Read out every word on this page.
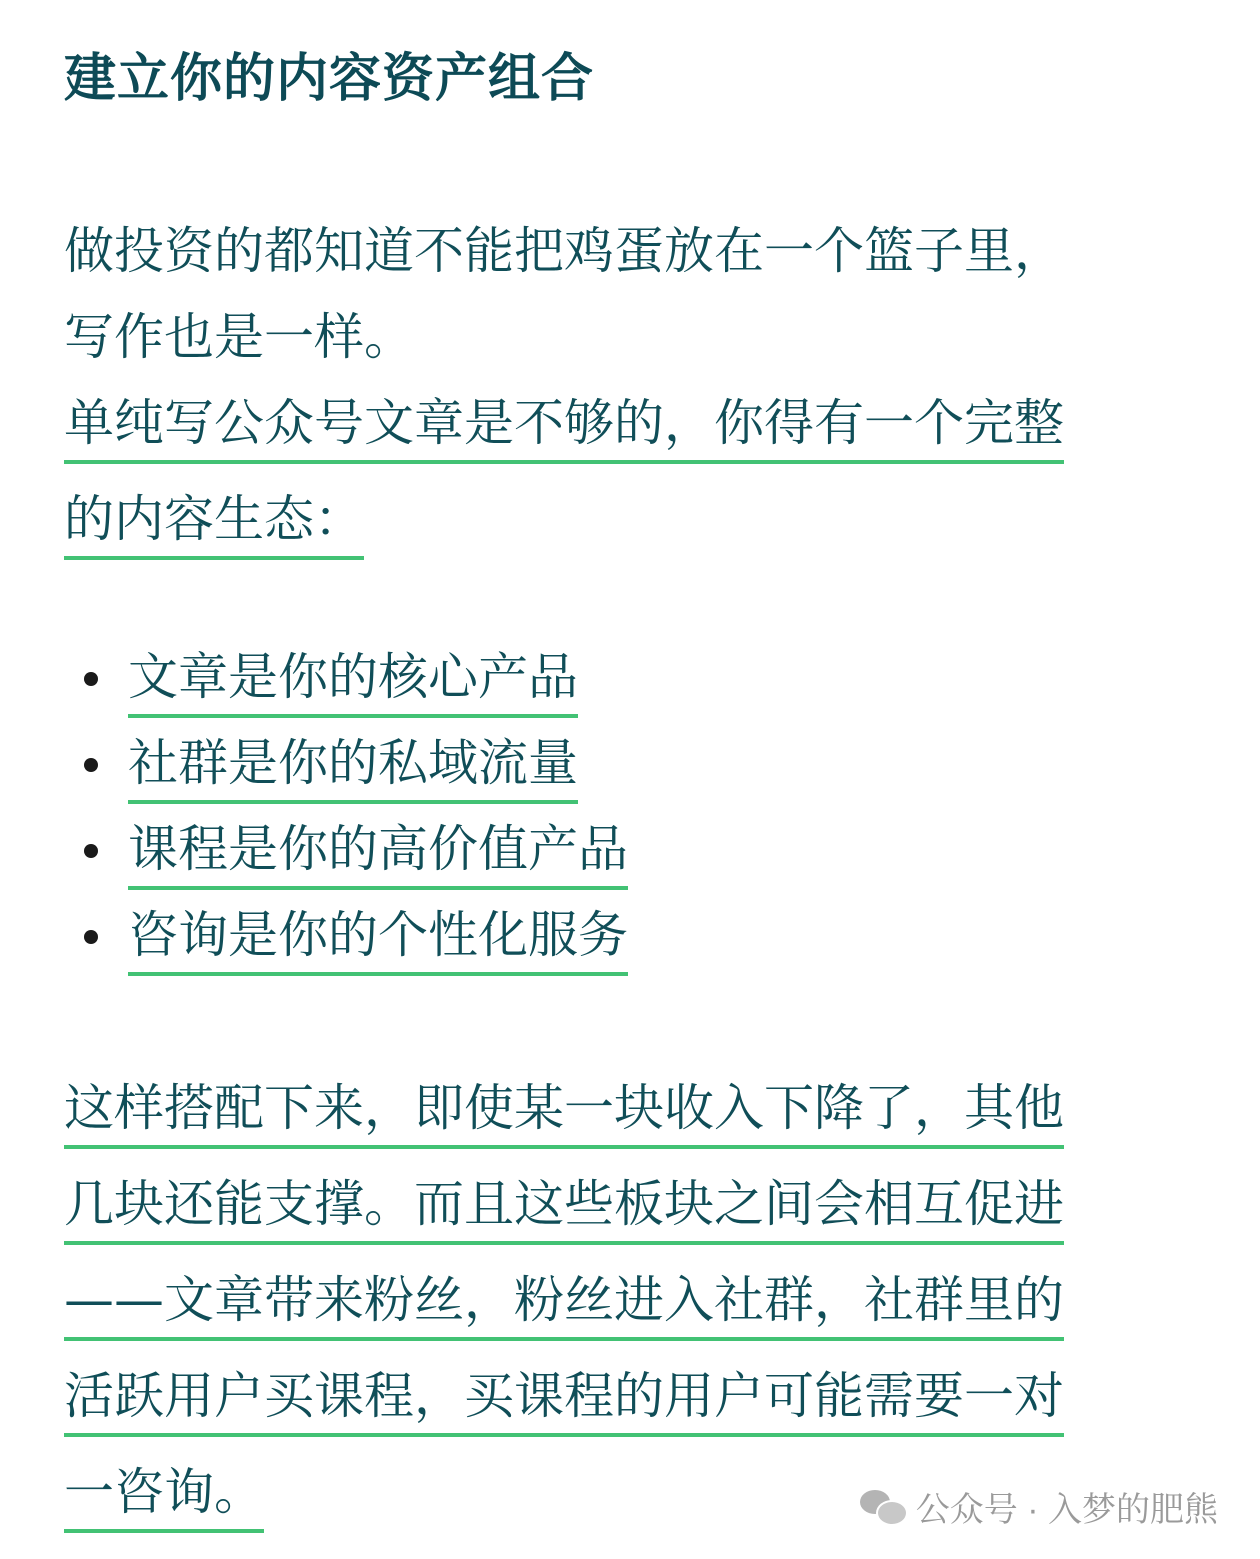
建立你的内容资产组合
做投资的都知道不能把鸡蛋放在一个篮子里，
写作也是一样。
单纯写公众号文章是不够的，你得有一个完整
的内容生态：
文章是你的核心产品
社群是你的私域流量
课程是你的高价值产品
咨询是你的个性化服务
这样搭配下来，即使某一块收入下降了，其他
几块还能支撑。而且这些板块之间会相互促进
——文章带来粉丝，粉丝进入社群，社群里的
活跃用户买课程，买课程的用户可能需要一对
一咨询。	公众号 · 入梦的肥熊
